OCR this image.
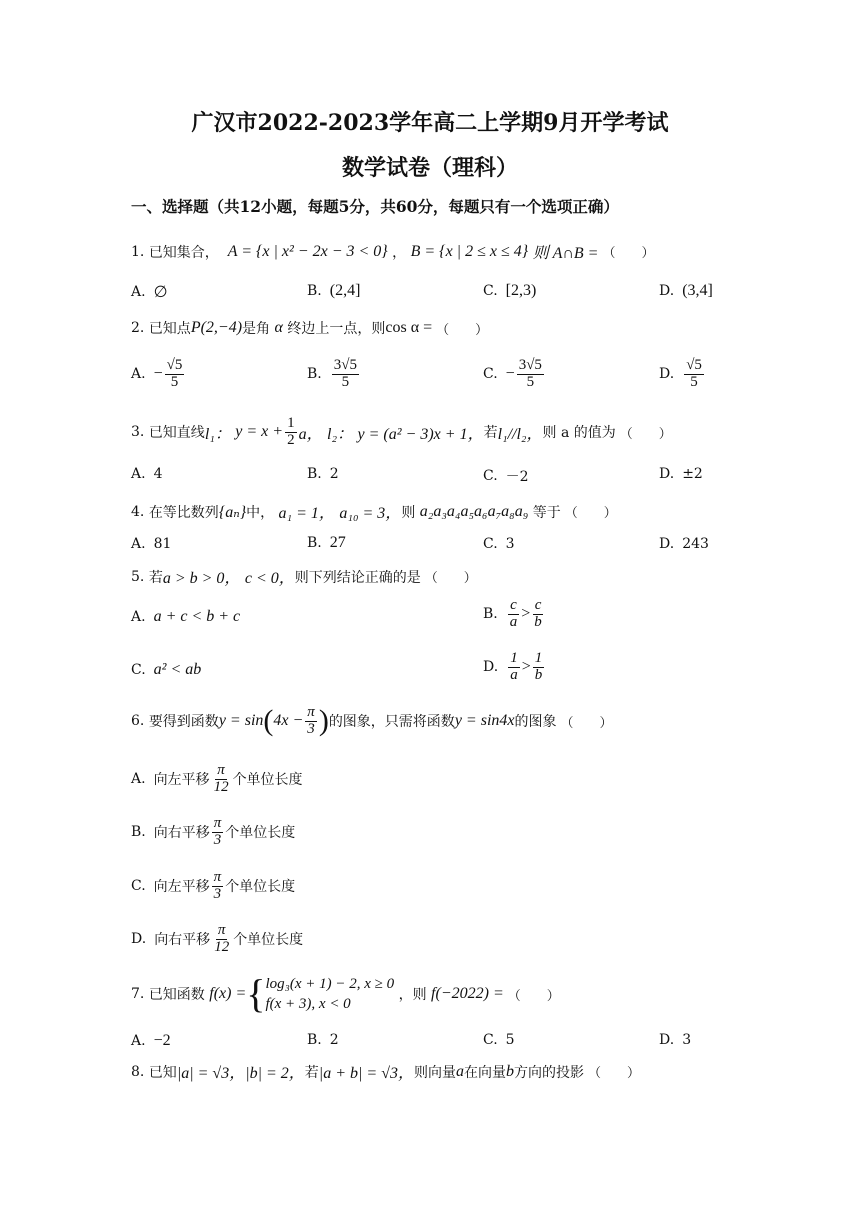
广汉市2022-2023学年高二上学期9月开学考试
数学试卷（理科）
一、选择题（共12小题，每题5分，共60分，每题只有一个选项正确）
1.
已知集合，
A = {x | x² − 2x − 3 < 0} ， B = {x | 2 ≤ x ≤ 4}
则 A∩B = （　　）
A. ∅	B. (2,4]	C. [2,3)	D. (3,4]
2.
已知点 P(2,−4) 是角
α
终边上一点，则 cos α = （　　）
A. − $\frac{√5}{5}$	B. $\frac{3√5}{5}$	C. − $\frac{3√5}{5}$	D. $\frac{√5}{5}$
3.
已知直线 l₁：
$y = x + \frac{1}{2}$ a，
l₂：
y = (a² − 3)x + 1， 若 l₁//l₂， 则 a 的值为 （　　）
A. 4	B. 2	C. －2	D. ±2
4.
在等比数列 {aₙ} 中，
a₁ = 1，
a₁₀ = 3， 则
a₂a₃a₄a₅a₆a₇a₈a₉
等于 （　　）
A. 81	B. 27	C. 3	D. 243
5.
若 a > b > 0，
c < 0， 则下列结论正确的是 （　　）
A. a + c < b + c	B. $\frac{c}{a} > \frac{c}{b}$
C. a² < ab	D. $\frac{1}{a} > \frac{1}{b}$
6.
要得到函数 y = sin ( $4x - \frac{\pi}{3}$ ) 的图象，只需将函数 y = sin4x 的图象 （　　）
A. 向左平移 $\frac{\pi}{12}$ 个单位长度
B. 向右平移 $\frac{\pi}{3}$ 个单位长度
C. 向左平移 $\frac{\pi}{3}$ 个单位长度
D. 向右平移 $\frac{\pi}{12}$ 个单位长度
7.
已知函数
f(x) = { log₃(x + 1) − 2, x ≥ 0
f(x + 3), x < 0

，则
f(−2022) = （　　）
A. −2	B. 2	C. 5	D. 3
8.
已知 |a| = √3，|b| = 2， 若 |a + b| = √3， 则向量 a 在向量 b 方向的投影 （　　）
